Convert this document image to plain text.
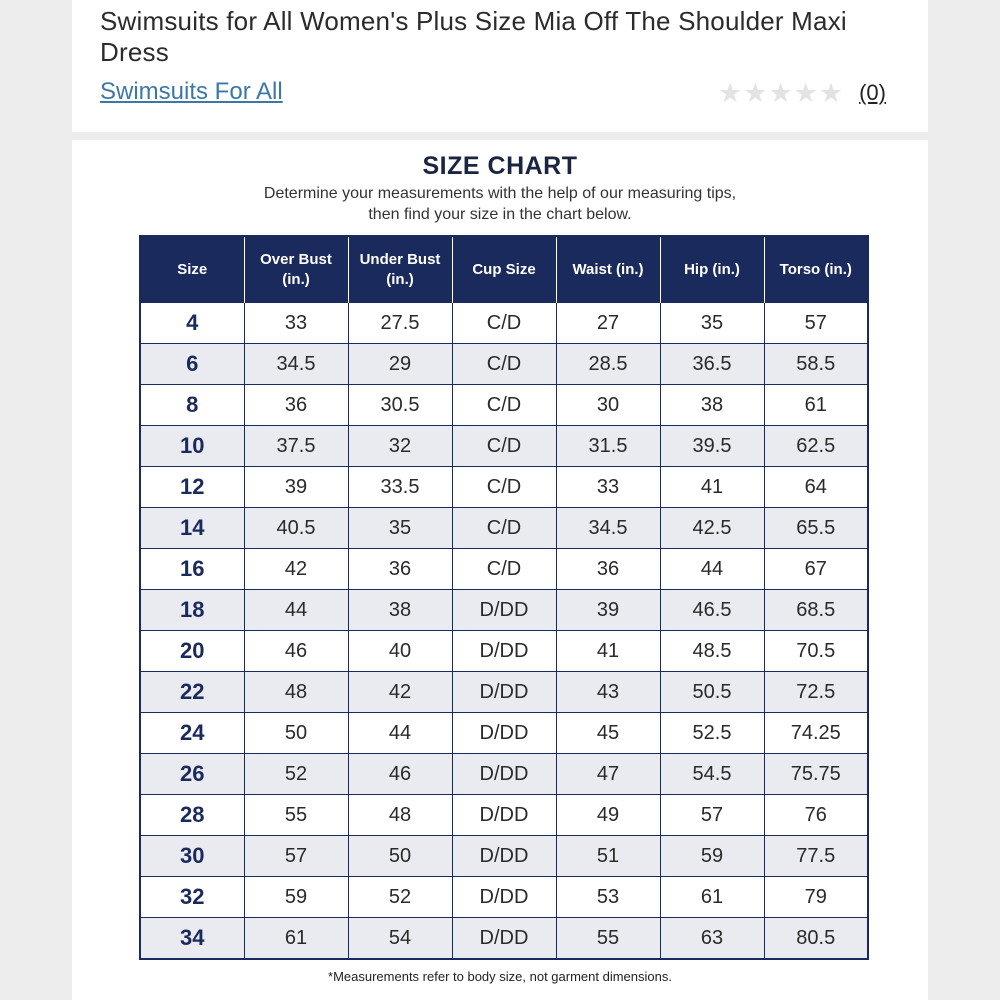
Swimsuits for All Women's Plus Size Mia Off The Shoulder Maxi Dress
Swimsuits For All	★ ★ ★ ★ ★ (0)
SIZE CHART
Determine your measurements with the help of our measuring tips,
then find your size in the chart below.
Size	Over Bust (in.)	Under Bust (in.)	Cup Size	Waist (in.)	Hip (in.)	Torso (in.)
4	33	27.5	C/D	27	35	57
6	34.5	29	C/D	28.5	36.5	58.5
8	36	30.5	C/D	30	38	61
10	37.5	32	C/D	31.5	39.5	62.5
12	39	33.5	C/D	33	41	64
14	40.5	35	C/D	34.5	42.5	65.5
16	42	36	C/D	36	44	67
18	44	38	D/DD	39	46.5	68.5
20	46	40	D/DD	41	48.5	70.5
22	48	42	D/DD	43	50.5	72.5
24	50	44	D/DD	45	52.5	74.25
26	52	46	D/DD	47	54.5	75.75
28	55	48	D/DD	49	57	76
30	57	50	D/DD	51	59	77.5
32	59	52	D/DD	53	61	79
34	61	54	D/DD	55	63	80.5
*Measurements refer to body size, not garment dimensions.
